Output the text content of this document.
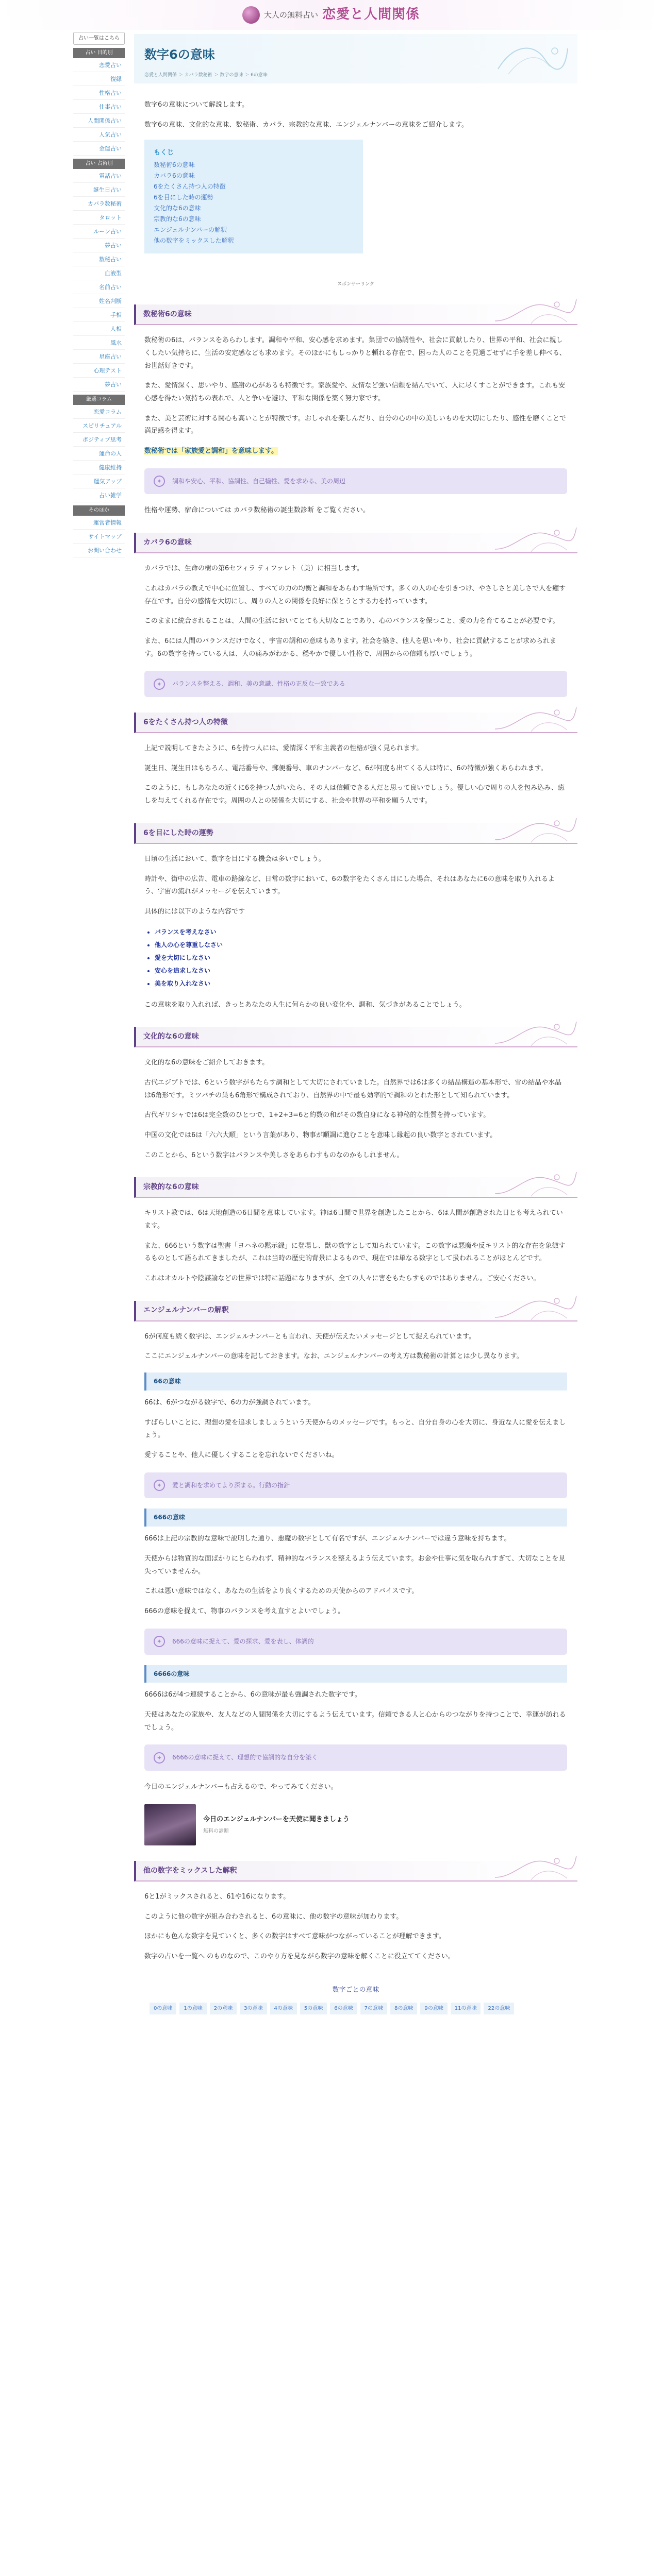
大人の無料占い 恋愛と人間関係
占い一覧はこちら
占い 目的別
恋愛占い
復縁
性格占い
仕事占い
人間関係占い
人気占い
金運占い
占い 占術別
電話占い
誕生日占い
カバラ数秘術
タロット
ルーン占い
夢占い
数秘占い
血液型
名前占い
姓名判断
手相
人相
風水
星座占い
心理テスト
夢占い
厳選コラム
恋愛コラム
スピリチュアル
ポジティブ思考
運命の人
健康維持
運気アップ
占い雑学
そのほか
運営者情報
サイトマップ
お問い合わせ
数字6の意味
恋愛と人間関係 ＞ カバラ数秘術 ＞ 数字の意味 ＞ 6の意味

数字6の意味について解説します。

数字6の意味、文化的な意味、数秘術、カバラ、宗教的な意味、エンジェルナンバーの意味をご紹介します。

もくじ
数秘術6の意味
カバラ6の意味
6をたくさん持つ人の特徴
6を目にした時の運勢
文化的な6の意味
宗教的な6の意味
エンジェルナンバーの解釈
他の数字をミックスした解釈
スポンサーリンク
数秘術6の意味

数秘術の6は、バランスをあらわします。調和や平和、安心感を求めます。集団での協調性や、社会に貢献したり、世界の平和、社会に親しくしたい気持ちに、生活の安定感なども求めます。そのほかにもしっかりと頼れる存在で、困った人のことを見過ごせずに手を差し伸べる、お世話好きです。

また、愛情深く、思いやり、感謝の心があるも特徴です。家族愛や、友情など強い信頼を結んでいて、人に尽くすことができます。これも安心感を得たい気持ちの表れで、人と争いを避け、平和な関係を築く努力家です。

また、美と芸術に対する関心も高いことが特徴です。おしゃれを楽しんだり、自分の心の中の美しいものを大切にしたり、感性を磨くことで満足感を得ます。

数秘術では「家族愛と調和」を意味します。

✦	調和や安心、平和、協調性、自己犠牲、愛を求める、美の周辺

性格や運勢、宿命については カバラ数秘術の誕生数診断 をご覧ください。

カバラ6の意味

カバラでは、生命の樹の第6セフィラ ティファレト（美）に相当します。

これはカバラの教えで中心に位置し、すべての力の均衡と調和をあらわす場所です。多くの人の心を引きつけ、やさしさと美しさで人を癒す存在です。自分の感情を大切にし、周りの人との関係を良好に保とうとする力を持っています。

このままに統合されることは、人間の生活においてとても大切なことであり、心のバランスを保つこと、愛の力を育てることが必要です。

また、6には人間のバランスだけでなく、宇宙の調和の意味もあります。社会を築き、他人を思いやり、社会に貢献することが求められます。6の数字を持っている人は、人の痛みがわかる、穏やかで優しい性格で、周囲からの信頼も厚いでしょう。

✦	バランスを整える、調和、美の意識、性格の正反な一致である
6をたくさん持つ人の特徴

上記で説明してきたように、6を持つ人には、愛情深く平和主義者の性格が強く見られます。

誕生日、誕生日はもちろん、電話番号や、郵便番号、車のナンバーなど、6が何度も出てくる人は特に、6の特徴が強くあらわれます。

このように、もしあなたの近くに6を持つ人がいたら、その人は信頼できる人だと思って良いでしょう。優しい心で周りの人を包み込み、癒しを与えてくれる存在です。周囲の人との関係を大切にする、社会や世界の平和を願う人です。

6を目にした時の運勢

日頃の生活において、数字を目にする機会は多いでしょう。

時計や、街中の広告、電車の路線など、日常の数字において、6の数字をたくさん目にした場合、それはあなたに6の意味を取り入れるよう、宇宙の流れがメッセージを伝えています。

具体的には以下のような内容です

• バランスを考えなさい
• 他人の心を尊重しなさい
• 愛を大切にしなさい
• 安心を追求しなさい
• 美を取り入れなさい

この意味を取り入れれば、きっとあなたの人生に何らかの良い変化や、調和、気づきがあることでしょう。

文化的な6の意味

文化的な6の意味をご紹介しておきます。

古代エジプトでは、6という数字がもたらす調和として大切にされていました。自然界では6は多くの結晶構造の基本形で、雪の結晶や水晶は6角形です。ミツバチの巣も6角形で構成されており、自然界の中で最も効率的で調和のとれた形として知られています。

古代ギリシャでは6は完全数のひとつで、1+2+3=6と約数の和がその数自身になる神秘的な性質を持っています。

中国の文化では6は「六六大順」という言葉があり、物事が順調に進むことを意味し縁起の良い数字とされています。

このことから、6という数字はバランスや美しさをあらわすものなのかもしれません。

宗教的な6の意味

キリスト教では、6は天地創造の6日間を意味しています。神は6日間で世界を創造したことから、6は人間が創造された日とも考えられています。

また、666という数字は聖書「ヨハネの黙示録」に登場し、獣の数字として知られています。この数字は悪魔や反キリスト的な存在を象徴するものとして語られてきましたが、これは当時の歴史的背景によるもので、現在では単なる数字として扱われることがほとんどです。

これはオカルトや陰謀論などの世界では特に話題になりますが、全ての人々に害をもたらすものではありません。ご安心ください。

エンジェルナンバーの解釈

6が何度も続く数字は、エンジェルナンバーとも言われ、天使が伝えたいメッセージとして捉えられています。

ここにエンジェルナンバーの意味を記しておきます。なお、エンジェルナンバーの考え方は数秘術の計算とは少し異なります。

66の意味

66は、6がつながる数字で、6の力が強調されています。

すばらしいことに、理想の愛を追求しましょうという天使からのメッセージです。もっと、自分自身の心を大切に、身近な人に愛を伝えましょう。

愛することや、他人に優しくすることを忘れないでくださいね。

✦	愛と調和を求めてより深まる。行動の指針
666の意味

666は上記の宗教的な意味で説明した通り、悪魔の数字として有名ですが、エンジェルナンバーでは違う意味を持ちます。

天使からは物質的な面ばかりにとらわれず、精神的なバランスを整えるよう伝えています。お金や仕事に気を取られすぎて、大切なことを見失っていませんか。

これは悪い意味ではなく、あなたの生活をより良くするための天使からのアドバイスです。

666の意味を捉えて、物事のバランスを考え直すとよいでしょう。

✦	666の意味に捉えて、愛の探求、愛を表し、体調的
6666の意味

6666は6が4つ連続することから、6の意味が最も強調された数字です。

天使はあなたの家族や、友人などの人間関係を大切にするよう伝えています。信頼できる人と心からのつながりを持つことで、幸運が訪れるでしょう。

✦	6666の意味に捉えて、理想的で協調的な自分を築く

今日のエンジェルナンバーも占えるので、やってみてください。

今日のエンジェルナンバーを天使に聞きましょう
無料の診断
他の数字をミックスした解釈

6と1がミックスされると、61や16になります。

このように他の数字が組み合わされると、6の意味に、他の数字の意味が加わります。

ほかにも色んな数字を見ていくと、多くの数字はすべて意味がつながっていることが理解できます。

数字の占いを一覧へ のものなので、このやり方を見ながら数字の意味を解くことに役立ててください。

数字ごとの意味
0の意味	1の意味	2の意味	3の意味	4の意味	5の意味	6の意味	7の意味	8の意味	9の意味	11の意味	22の意味
